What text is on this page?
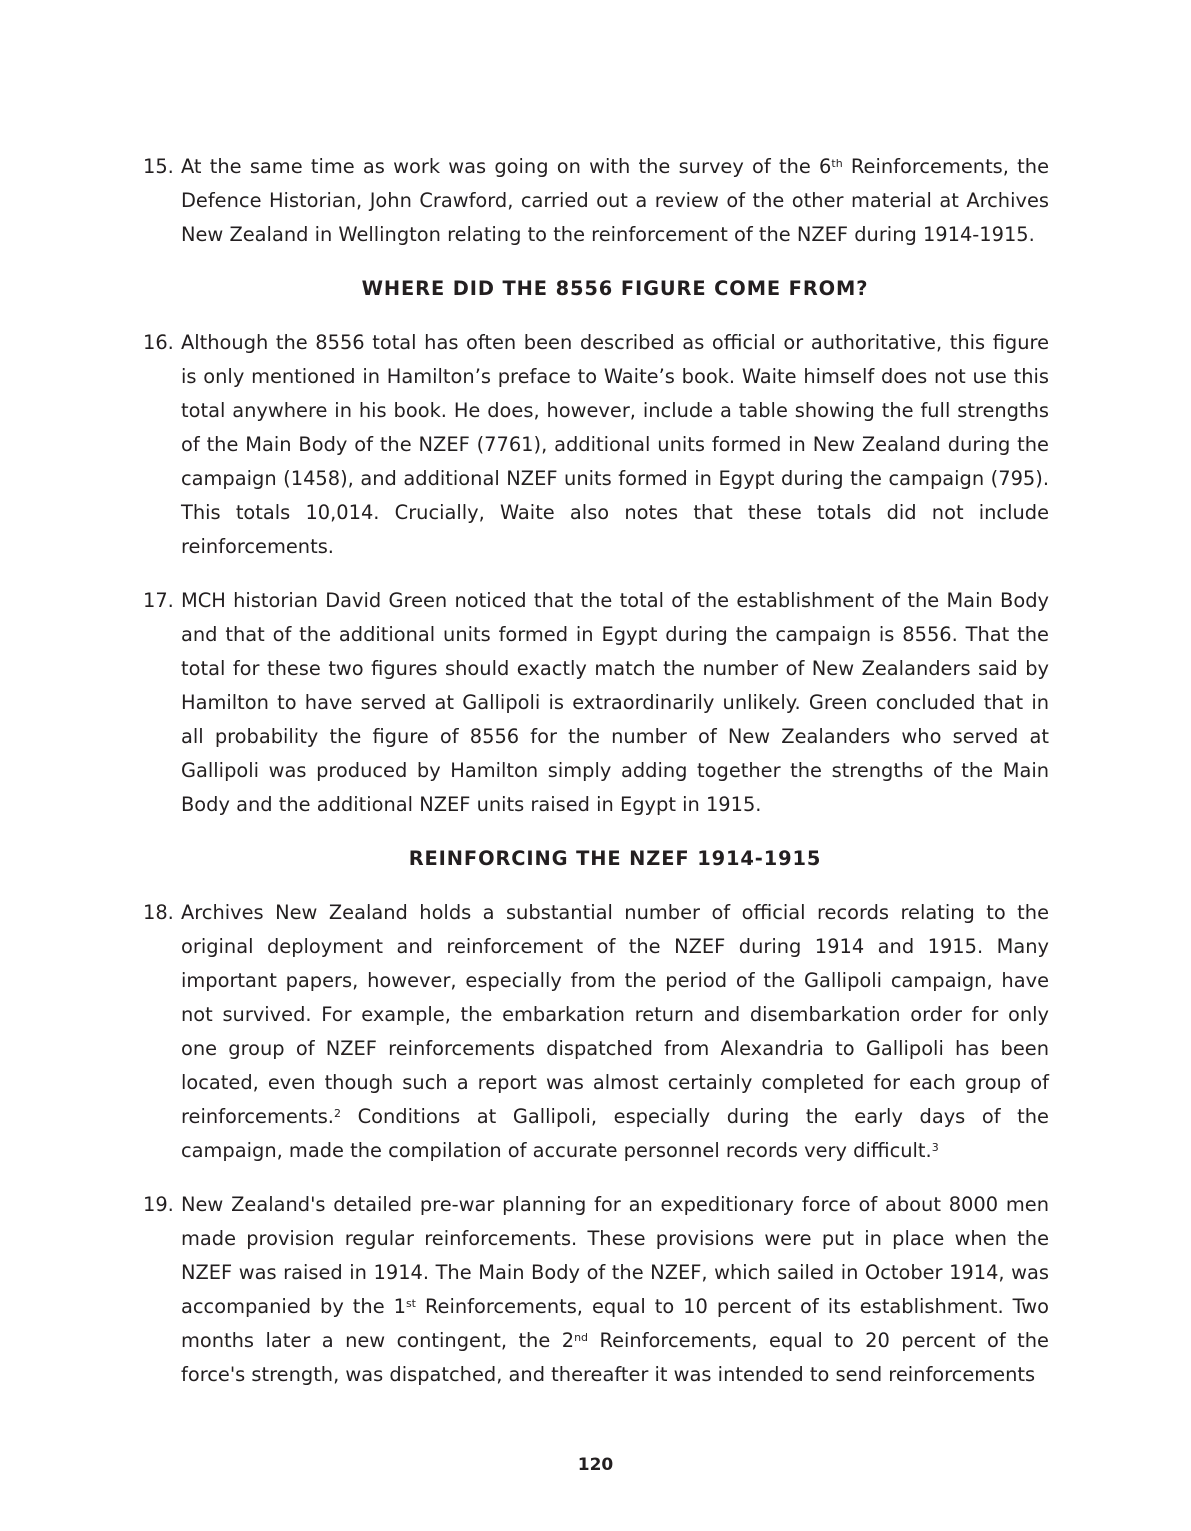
15. At the same time as work was going on with the survey of the 6th Reinforcements, the Defence Historian, John Crawford, carried out a review of the other material at Archives New Zealand in Wellington relating to the reinforcement of the NZEF during 1914-1915.
WHERE DID THE 8556 FIGURE COME FROM?
16. Although the 8556 total has often been described as official or authoritative, this figure is only mentioned in Hamilton’s preface to Waite’s book. Waite himself does not use this total anywhere in his book. He does, however, include a table showing the full strengths of the Main Body of the NZEF (7761), additional units formed in New Zealand during the campaign (1458), and additional NZEF units formed in Egypt during the campaign (795). This totals 10,014. Crucially, Waite also notes that these totals did not include reinforcements.
17. MCH historian David Green noticed that the total of the establishment of the Main Body and that of the additional units formed in Egypt during the campaign is 8556. That the total for these two figures should exactly match the number of New Zealanders said by Hamilton to have served at Gallipoli is extraordinarily unlikely. Green concluded that in all probability the figure of 8556 for the number of New Zealanders who served at Gallipoli was produced by Hamilton simply adding together the strengths of the Main Body and the additional NZEF units raised in Egypt in 1915.
REINFORCING THE NZEF 1914-1915
18. Archives New Zealand holds a substantial number of official records relating to the original deployment and reinforcement of the NZEF during 1914 and 1915. Many important papers, however, especially from the period of the Gallipoli campaign, have not survived. For example, the embarkation return and disembarkation order for only one group of NZEF reinforcements dispatched from Alexandria to Gallipoli has been located, even though such a report was almost certainly completed for each group of reinforcements.$^2$ Conditions at Gallipoli, especially during the early days of the campaign, made the compilation of accurate personnel records very difficult.$^3$
19. New Zealand's detailed pre-war planning for an expeditionary force of about 8000 men made provision regular reinforcements. These provisions were put in place when the NZEF was raised in 1914. The Main Body of the NZEF, which sailed in October 1914, was accompanied by the 1st Reinforcements, equal to 10 percent of its establishment. Two months later a new contingent, the 2nd Reinforcements, equal to 20 percent of the force's strength, was dispatched, and thereafter it was intended to send reinforcements
120
